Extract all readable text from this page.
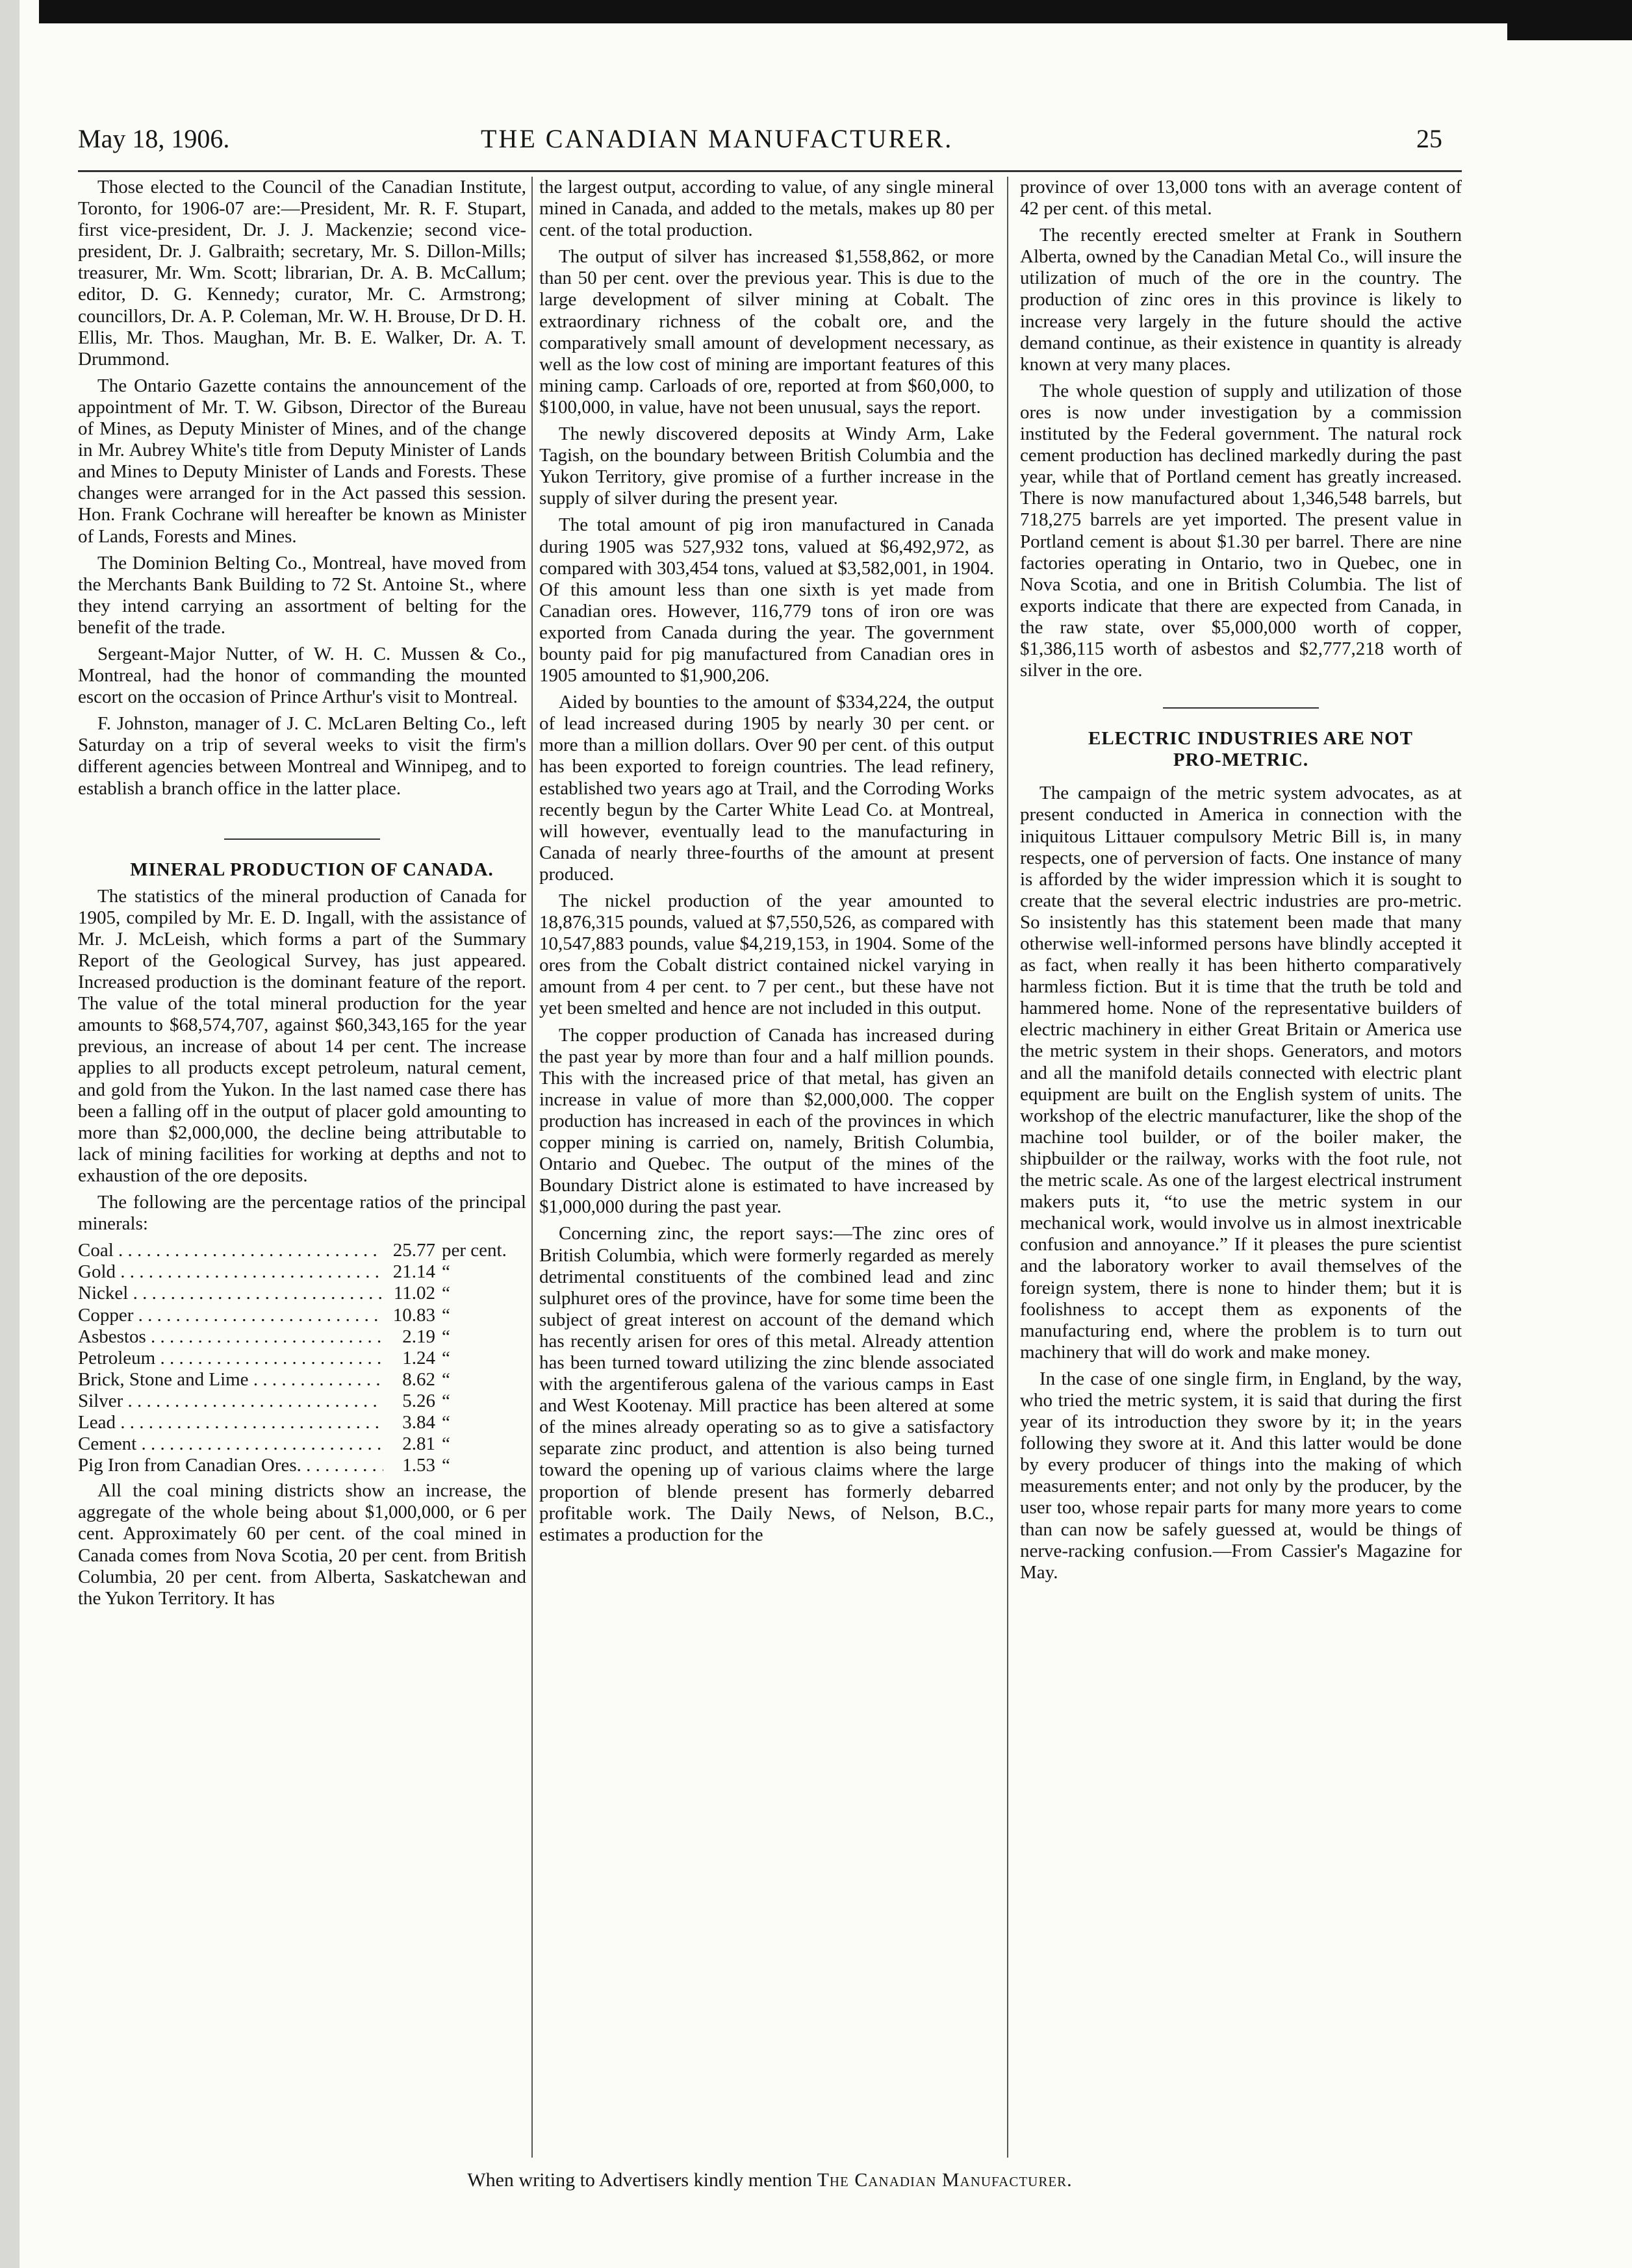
May 18, 1906.	THE CANADIAN MANUFACTURER.	25

Those elected to the Council of the Canadian Institute, Toronto, for 1906-07 are:—President, Mr. R. F. Stupart, first vice-president, Dr. J. J. Mackenzie; second vice-president, Dr. J. Galbraith; secretary, Mr. S. Dillon-Mills; treasurer, Mr. Wm. Scott; librarian, Dr. A. B. McCallum; editor, D. G. Kennedy; curator, Mr. C. Armstrong; councillors, Dr. A. P. Coleman, Mr. W. H. Brouse, Dr D. H. Ellis, Mr. Thos. Maughan, Mr. B. E. Walker, Dr. A. T. Drummond.

The Ontario Gazette contains the announcement of the appointment of Mr. T. W. Gibson, Director of the Bureau of Mines, as Deputy Minister of Mines, and of the change in Mr. Aubrey White's title from Deputy Minister of Lands and Mines to Deputy Minister of Lands and Forests. These changes were arranged for in the Act passed this session. Hon. Frank Cochrane will hereafter be known as Minister of Lands, Forests and Mines.

The Dominion Belting Co., Montreal, have moved from the Merchants Bank Building to 72 St. Antoine St., where they intend carrying an assortment of belting for the benefit of the trade.

Sergeant-Major Nutter, of W. H. C. Mussen & Co., Montreal, had the honor of commanding the mounted escort on the occasion of Prince Arthur's visit to Montreal.

F. Johnston, manager of J. C. McLaren Belting Co., left Saturday on a trip of several weeks to visit the firm's different agencies between Montreal and Winnipeg, and to establish a branch office in the latter place.

MINERAL PRODUCTION OF CANADA.

The statistics of the mineral production of Canada for 1905, compiled by Mr. E. D. Ingall, with the assistance of Mr. J. McLeish, which forms a part of the Summary Report of the Geological Survey, has just appeared. Increased production is the dominant feature of the report. The value of the total mineral production for the year amounts to $68,574,707, against $60,343,165 for the year previous, an increase of about 14 per cent. The increase applies to all products except petroleum, natural cement, and gold from the Yukon. In the last named case there has been a falling off in the output of placer gold amounting to more than $2,000,000, the decline being attributable to lack of mining facilities for working at depths and not to exhaustion of the ore deposits.

The following are the percentage ratios of the principal minerals:

Coal . . .	25.77 per cent.
Gold . . .	21.14 “
Nickel . . .	11.02 “
Copper . . .	10.83 “
Asbestos . . .	2.19 “
Petroleum . . .	1.24 “
Brick, Stone and Lime . . .	8.62 “
Silver . . .	5.26 “
Lead . . .	3.84 “
Cement . . .	2.81 “
Pig Iron from Canadian Ores. . . .	1.53 “

All the coal mining districts show an increase, the aggregate of the whole being about $1,000,000, or 6 per cent. Approximately 60 per cent. of the coal mined in Canada comes from Nova Scotia, 20 per cent. from British Columbia, 20 per cent. from Alberta, Saskatchewan and the Yukon Territory. It has

the largest output, according to value, of any single mineral mined in Canada, and added to the metals, makes up 80 per cent. of the total production.

The output of silver has increased $1,558,862, or more than 50 per cent. over the previous year. This is due to the large development of silver mining at Cobalt. The extraordinary richness of the cobalt ore, and the comparatively small amount of development necessary, as well as the low cost of mining are important features of this mining camp. Carloads of ore, reported at from $60,000, to $100,000, in value, have not been unusual, says the report.

The newly discovered deposits at Windy Arm, Lake Tagish, on the boundary between British Columbia and the Yukon Territory, give promise of a further increase in the supply of silver during the present year.

The total amount of pig iron manufactured in Canada during 1905 was 527,932 tons, valued at $6,492,972, as compared with 303,454 tons, valued at $3,582,001, in 1904. Of this amount less than one sixth is yet made from Canadian ores. However, 116,779 tons of iron ore was exported from Canada during the year. The government bounty paid for pig manufactured from Canadian ores in 1905 amounted to $1,900,206.

Aided by bounties to the amount of $334,224, the output of lead increased during 1905 by nearly 30 per cent. or more than a million dollars. Over 90 per cent. of this output has been exported to foreign countries. The lead refinery, established two years ago at Trail, and the Corroding Works recently begun by the Carter White Lead Co. at Montreal, will however, eventually lead to the manufacturing in Canada of nearly three-fourths of the amount at present produced.

The nickel production of the year amounted to 18,876,315 pounds, valued at $7,550,526, as compared with 10,547,883 pounds, value $4,219,153, in 1904. Some of the ores from the Cobalt district contained nickel varying in amount from 4 per cent. to 7 per cent., but these have not yet been smelted and hence are not included in this output.

The copper production of Canada has increased during the past year by more than four and a half million pounds. This with the increased price of that metal, has given an increase in value of more than $2,000,000. The copper production has increased in each of the provinces in which copper mining is carried on, namely, British Columbia, Ontario and Quebec. The output of the mines of the Boundary District alone is estimated to have increased by $1,000,000 during the past year.

Concerning zinc, the report says:—The zinc ores of British Columbia, which were formerly regarded as merely detrimental constituents of the combined lead and zinc sulphuret ores of the province, have for some time been the subject of great interest on account of the demand which has recently arisen for ores of this metal. Already attention has been turned toward utilizing the zinc blende associated with the argentiferous galena of the various camps in East and West Kootenay. Mill practice has been altered at some of the mines already operating so as to give a satisfactory separate zinc product, and attention is also being turned toward the opening up of various claims where the large proportion of blende present has formerly debarred profitable work. The Daily News, of Nelson, B.C., estimates a production for the

province of over 13,000 tons with an average content of 42 per cent. of this metal.

The recently erected smelter at Frank in Southern Alberta, owned by the Canadian Metal Co., will insure the utilization of much of the ore in the country. The production of zinc ores in this province is likely to increase very largely in the future should the active demand continue, as their existence in quantity is already known at very many places.

The whole question of supply and utilization of those ores is now under investigation by a commission instituted by the Federal government. The natural rock cement production has declined markedly during the past year, while that of Portland cement has greatly increased. There is now manufactured about 1,346,548 barrels, but 718,275 barrels are yet imported. The present value in Portland cement is about $1.30 per barrel. There are nine factories operating in Ontario, two in Quebec, one in Nova Scotia, and one in British Columbia. The list of exports indicate that there are expected from Canada, in the raw state, over $5,000,000 worth of copper, $1,386,115 worth of asbestos and $2,777,218 worth of silver in the ore.

ELECTRIC INDUSTRIES ARE NOT
PRO-METRIC.

The campaign of the metric system advocates, as at present conducted in America in connection with the iniquitous Littauer compulsory Metric Bill is, in many respects, one of perversion of facts. One instance of many is afforded by the wider impression which it is sought to create that the several electric industries are pro-metric. So insistently has this statement been made that many otherwise well-informed persons have blindly accepted it as fact, when really it has been hitherto comparatively harmless fiction. But it is time that the truth be told and hammered home. None of the representative builders of electric machinery in either Great Britain or America use the metric system in their shops. Generators, and motors and all the manifold details connected with electric plant equipment are built on the English system of units. The workshop of the electric manufacturer, like the shop of the machine tool builder, or of the boiler maker, the shipbuilder or the railway, works with the foot rule, not the metric scale. As one of the largest electrical instrument makers puts it, “to use the metric system in our mechanical work, would involve us in almost inextricable confusion and annoyance.” If it pleases the pure scientist and the laboratory worker to avail themselves of the foreign system, there is none to hinder them; but it is foolishness to accept them as exponents of the manufacturing end, where the problem is to turn out machinery that will do work and make money.

In the case of one single firm, in England, by the way, who tried the metric system, it is said that during the first year of its introduction they swore by it; in the years following they swore at it. And this latter would be done by every producer of things into the making of which measurements enter; and not only by the producer, by the user too, whose repair parts for many more years to come than can now be safely guessed at, would be things of nerve-racking confusion.—From Cassier's Magazine for May.

When writing to Advertisers kindly mention The Canadian Manufacturer.
